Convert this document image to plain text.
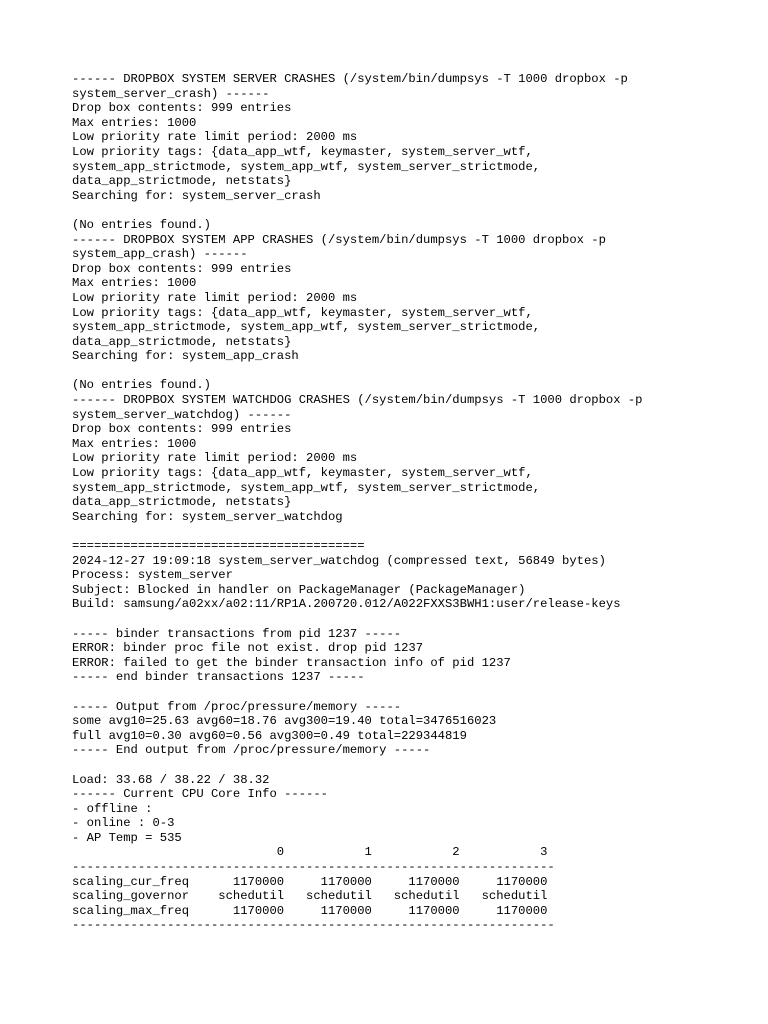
------ DROPBOX SYSTEM SERVER CRASHES (/system/bin/dumpsys -T 1000 dropbox -p
system_server_crash) ------
Drop box contents: 999 entries
Max entries: 1000
Low priority rate limit period: 2000 ms
Low priority tags: {data_app_wtf, keymaster, system_server_wtf,
system_app_strictmode, system_app_wtf, system_server_strictmode,
data_app_strictmode, netstats}
Searching for: system_server_crash
(No entries found.)
------ DROPBOX SYSTEM APP CRASHES (/system/bin/dumpsys -T 1000 dropbox -p
system_app_crash) ------
Drop box contents: 999 entries
Max entries: 1000
Low priority rate limit period: 2000 ms
Low priority tags: {data_app_wtf, keymaster, system_server_wtf,
system_app_strictmode, system_app_wtf, system_server_strictmode,
data_app_strictmode, netstats}
Searching for: system_app_crash
(No entries found.)
------ DROPBOX SYSTEM WATCHDOG CRASHES (/system/bin/dumpsys -T 1000 dropbox -p
system_server_watchdog) ------
Drop box contents: 999 entries
Max entries: 1000
Low priority rate limit period: 2000 ms
Low priority tags: {data_app_wtf, keymaster, system_server_wtf,
system_app_strictmode, system_app_wtf, system_server_strictmode,
data_app_strictmode, netstats}
Searching for: system_server_watchdog
========================================
2024-12-27 19:09:18 system_server_watchdog (compressed text, 56849 bytes)
Process: system_server
Subject: Blocked in handler on PackageManager (PackageManager)
Build: samsung/a02xx/a02:11/RP1A.200720.012/A022FXXS3BWH1:user/release-keys
----- binder transactions from pid 1237 -----
ERROR: binder proc file not exist. drop pid 1237
ERROR: failed to get the binder transaction info of pid 1237
----- end binder transactions 1237 -----
----- Output from /proc/pressure/memory -----
some avg10=25.63 avg60=18.76 avg300=19.40 total=3476516023
full avg10=0.30 avg60=0.56 avg300=0.49 total=229344819
----- End output from /proc/pressure/memory -----
Load: 33.68 / 38.22 / 38.32
------ Current CPU Core Info ------
- offline :
- online : 0-3
- AP Temp = 535
0           1           2           3
------------------------------------------------------------------
scaling_cur_freq      1170000     1170000     1170000     1170000
scaling_governor    schedutil   schedutil   schedutil   schedutil
scaling_max_freq      1170000     1170000     1170000     1170000
------------------------------------------------------------------
